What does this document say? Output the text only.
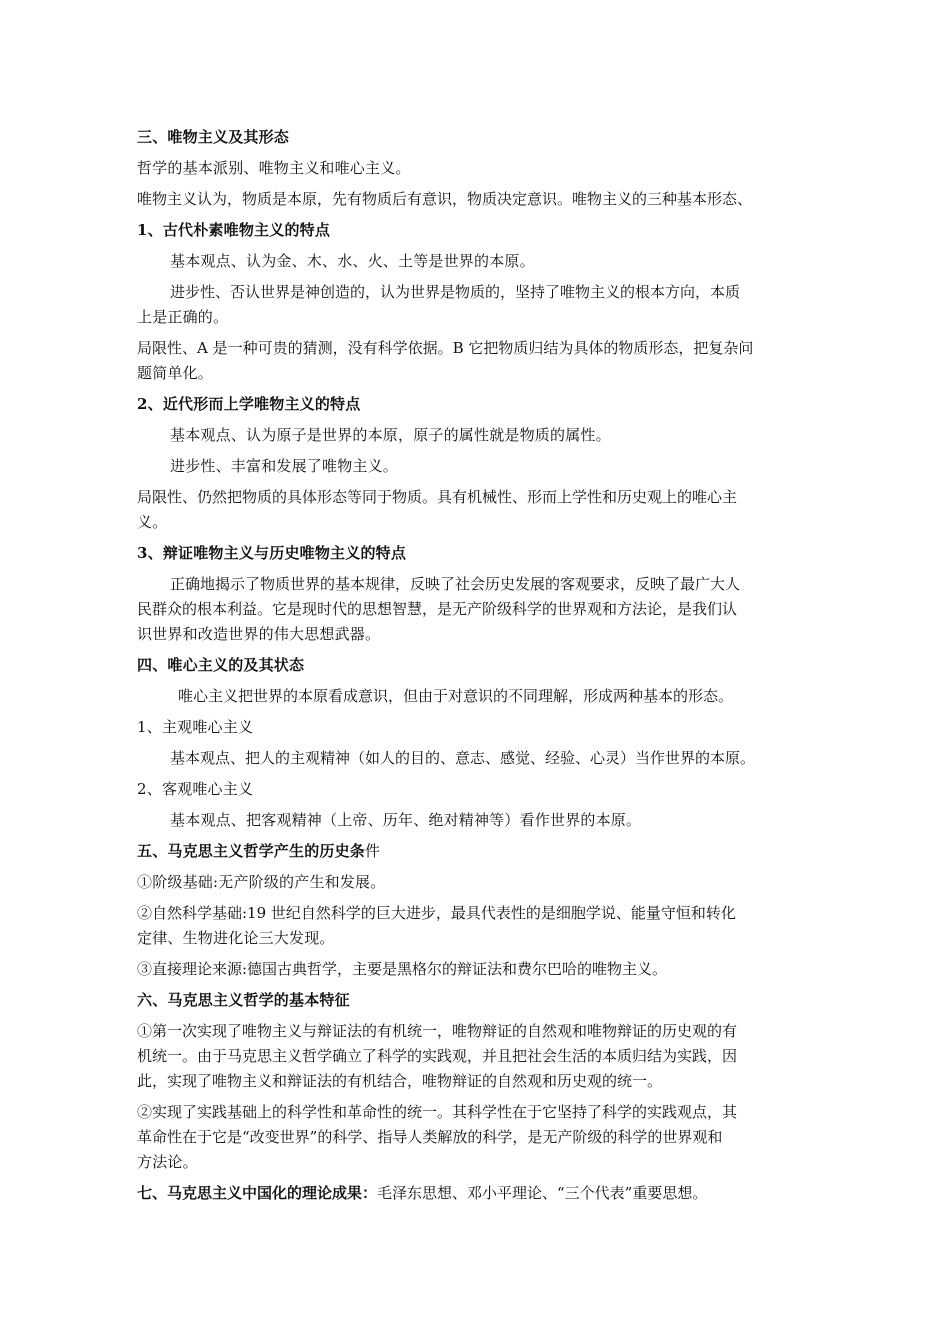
三、唯物主义及其形态
哲学的基本派别、唯物主义和唯心主义。
唯物主义认为，物质是本原，先有物质后有意识，物质决定意识。唯物主义的三种基本形态、
1、古代朴素唯物主义的特点
基本观点、认为金、木、水、火、土等是世界的本原。
进步性、否认世界是神创造的，认为世界是物质的，坚持了唯物主义的根本方向，本质
上是正确的。
局限性、A 是一种可贵的猜测，没有科学依据。B 它把物质归结为具体的物质形态，把复杂问
题简单化。
2、近代形而上学唯物主义的特点
基本观点、认为原子是世界的本原，原子的属性就是物质的属性。
进步性、丰富和发展了唯物主义。
局限性、仍然把物质的具体形态等同于物质。具有机械性、形而上学性和历史观上的唯心主
义。
3、辩证唯物主义与历史唯物主义的特点
正确地揭示了物质世界的基本规律，反映了社会历史发展的客观要求，反映了最广大人
民群众的根本利益。它是现时代的思想智慧，是无产阶级科学的世界观和方法论，是我们认
识世界和改造世界的伟大思想武器。
四、唯心主义的及其状态
唯心主义把世界的本原看成意识，但由于对意识的不同理解，形成两种基本的形态。
1、主观唯心主义
基本观点、把人的主观精神（如人的目的、意志、感觉、经验、心灵）当作世界的本原。
2、客观唯心主义
基本观点、把客观精神（上帝、历年、绝对精神等）看作世界的本原。
五、马克思主义哲学产生的历史条件
①阶级基础:无产阶级的产生和发展。
②自然科学基础:19 世纪自然科学的巨大进步，最具代表性的是细胞学说、能量守恒和转化
定律、生物进化论三大发现。
③直接理论来源:德国古典哲学，主要是黑格尔的辩证法和费尔巴哈的唯物主义。
六、马克思主义哲学的基本特征
①第一次实现了唯物主义与辩证法的有机统一，唯物辩证的自然观和唯物辩证的历史观的有
机统一。由于马克思主义哲学确立了科学的实践观，并且把社会生活的本质归结为实践，因
此，实现了唯物主义和辩证法的有机结合，唯物辩证的自然观和历史观的统一。
②实现了实践基础上的科学性和革命性的统一。其科学性在于它坚持了科学的实践观点，其
革命性在于它是“改变世界”的科学、指导人类解放的科学，是无产阶级的科学的世界观和
方法论。
七、马克思主义中国化的理论成果：毛泽东思想、邓小平理论、“三个代表”重要思想。
